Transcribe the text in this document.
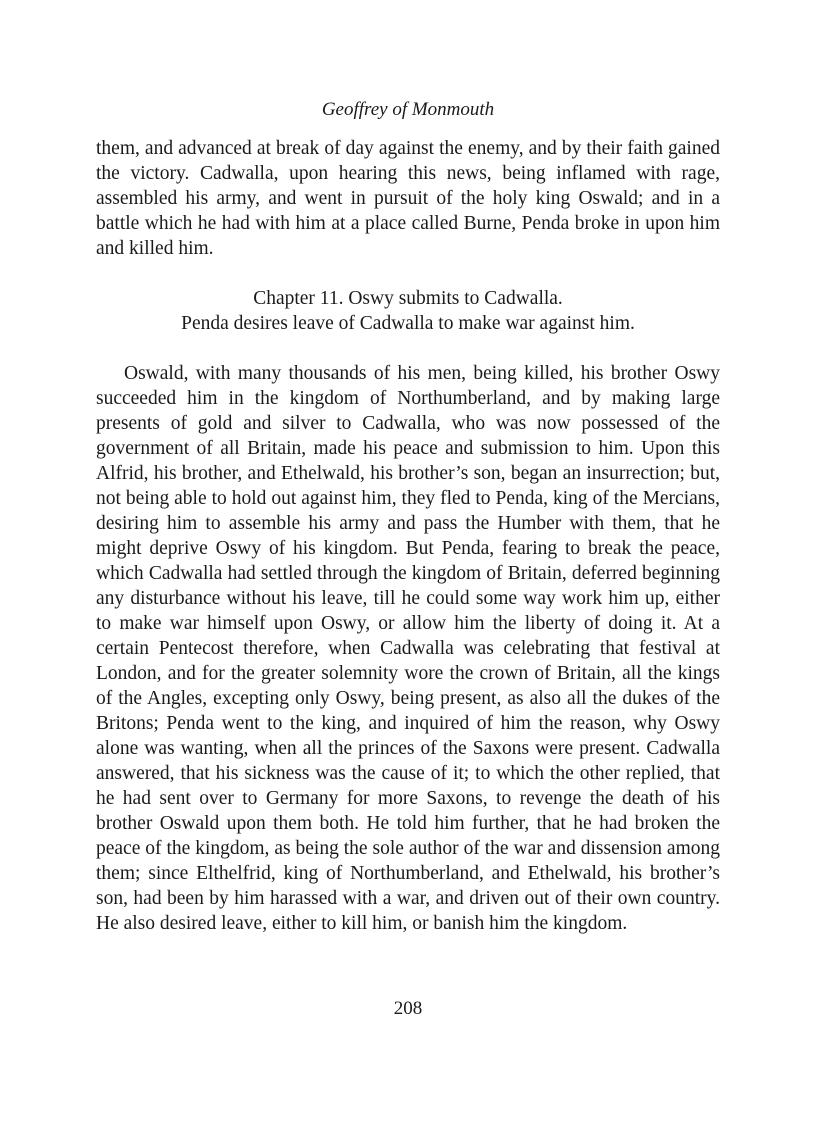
Geoffrey of Monmouth

them, and advanced at break of day against the enemy, and by their faith gained the victory. Cadwalla, upon hearing this news, being inflamed with rage, assembled his army, and went in pursuit of the holy king Oswald; and in a battle which he had with him at a place called Burne, Penda broke in upon him and killed him.

Chapter 11. Oswy submits to Cadwalla.
Penda desires leave of Cadwalla to make war against him.

Oswald, with many thousands of his men, being killed, his brother Oswy succeeded him in the kingdom of Northumberland, and by making large presents of gold and silver to Cadwalla, who was now possessed of the government of all Britain, made his peace and submission to him. Upon this Alfrid, his brother, and Ethelwald, his brother’s son, began an insurrection; but, not being able to hold out against him, they fled to Penda, king of the Mercians, desiring him to assemble his army and pass the Humber with them, that he might deprive Oswy of his kingdom. But Penda, fearing to break the peace, which Cadwalla had settled through the kingdom of Britain, deferred beginning any disturbance without his leave, till he could some way work him up, either to make war himself upon Oswy, or allow him the liberty of doing it. At a certain Pentecost therefore, when Cadwalla was celebrating that festival at London, and for the greater solemnity wore the crown of Britain, all the kings of the Angles, excepting only Oswy, being present, as also all the dukes of the Britons; Penda went to the king, and inquired of him the reason, why Oswy alone was wanting, when all the princes of the Saxons were present. Cadwalla answered, that his sickness was the cause of it; to which the other replied, that he had sent over to Germany for more Saxons, to revenge the death of his brother Oswald upon them both. He told him further, that he had broken the peace of the kingdom, as being the sole author of the war and dissension among them; since Elthelfrid, king of Northumberland, and Ethelwald, his brother’s son, had been by him harassed with a war, and driven out of their own country. He also desired leave, either to kill him, or banish him the kingdom.

208
